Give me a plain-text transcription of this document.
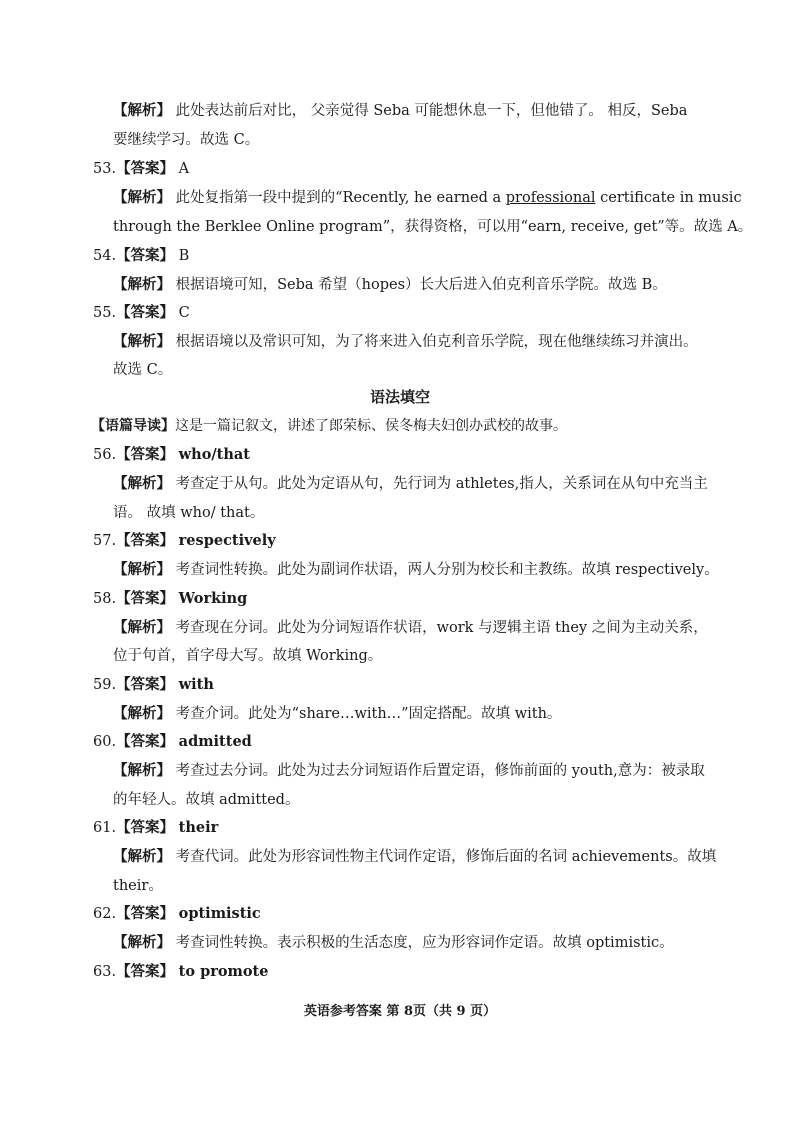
【解析】 此处表达前后对比， 父亲觉得 Seba 可能想休息一下，但他错了。 相反，Seba
要继续学习。故选 C。
53.【答案】 A
【解析】 此处复指第一段中提到的“Recently, he earned a professional certificate in music
through the Berklee Online program”，获得资格，可以用“earn, receive, get”等。故选 A。
54.【答案】 B
【解析】 根据语境可知，Seba 希望（hopes）长大后进入伯克利音乐学院。故选 B。
55.【答案】 C
【解析】 根据语境以及常识可知，为了将来进入伯克利音乐学院，现在他继续练习并演出。
故选 C。
语法填空
【语篇导读】这是一篇记叙文，讲述了郎荣标、侯冬梅夫妇创办武校的故事。
56.【答案】 who/that
【解析】 考查定于从句。此处为定语从句，先行词为 athletes,指人，关系词在从句中充当主
语。 故填 who/ that。
57.【答案】 respectively
【解析】 考查词性转换。此处为副词作状语，两人分别为校长和主教练。故填 respectively。
58.【答案】 Working
【解析】 考查现在分词。此处为分词短语作状语，work 与逻辑主语 they 之间为主动关系，
位于句首，首字母大写。故填 Working。
59.【答案】 with
【解析】 考查介词。此处为“share…with…”固定搭配。故填 with。
60.【答案】 admitted
【解析】 考查过去分词。此处为过去分词短语作后置定语，修饰前面的 youth,意为：被录取
的年轻人。故填 admitted。
61.【答案】 their
【解析】 考查代词。此处为形容词性物主代词作定语，修饰后面的名词 achievements。故填
their。
62.【答案】 optimistic
【解析】 考查词性转换。表示积极的生活态度，应为形容词作定语。故填 optimistic。
63.【答案】 to promote
英语参考答案 第 8页（共 9 页）
